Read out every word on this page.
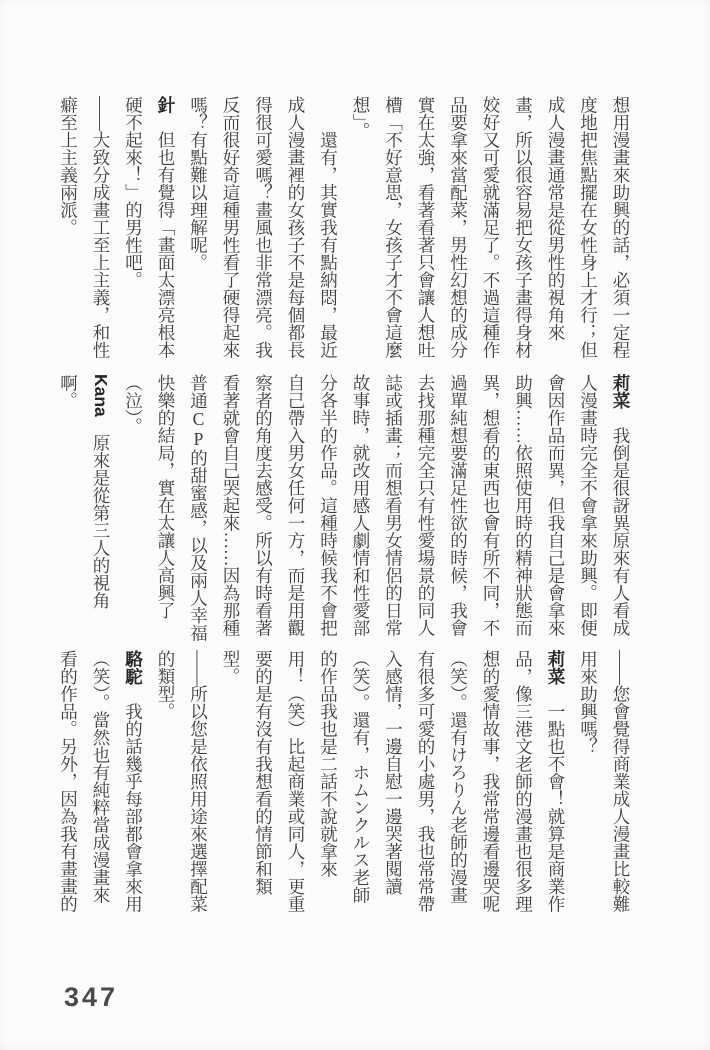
想用漫畫來助興的話，必須一定程
度地把焦點擺在女性身上才行；但
成人漫畫通常是從男性的視角來
畫，所以很容易把女孩子畫得身材
姣好又可愛就滿足了。不過這種作
品要拿來當配菜，男性幻想的成分
實在太強，看著看著只會讓人想吐
槽「不好意思，女孩子才不會這麼
想」。
還有，其實我有點納悶，最近
成人漫畫裡的女孩子不是每個都長
得很可愛嗎？畫風也非常漂亮。我
反而很好奇這種男性看了硬得起來
嗎？有點難以理解呢。
針　但也有覺得「畫面太漂亮根本
硬不起來！」的男性吧。
——大致分成畫工至上主義，和性
癖至上主義兩派。
莉菜　我倒是很訝異原來有人看成
人漫畫時完全不會拿來助興。即便
會因作品而異，但我自己是會拿來
助興……依照使用時的精神狀態而
異，想看的東西也會有所不同，不
過單純想要滿足性欲的時候，我會
去找那種完全只有性愛場景的同人
誌或插畫；而想看男女情侶的日常
故事時，就改用感人劇情和性愛部
分各半的作品。這種時候我不會把
自己帶入男女任何一方，而是用觀
察者的角度去感受。所以有時看著
看著就會自己哭起來……因為那種
普通CP的甜蜜感，以及兩人幸福
快樂的結局，實在太讓人高興了
（泣）。
Kana　原來是從第三人的視角
啊。
——您會覺得商業成人漫畫比較難
用來助興嗎？
莉菜　一點也不會！就算是商業作
品，像三港文老師的漫畫也很多理
想的愛情故事，我常常邊看邊哭呢
（笑）。還有けろりん老師的漫畫
有很多可愛的小處男，我也常常帶
入感情，一邊自慰一邊哭著閱讀
（笑）。還有，ホムンクルス老師
的作品我也是二話不說就拿來
用！（笑）比起商業或同人，更重
要的是有沒有我想看的情節和類
型。
——所以您是依照用途來選擇配菜
的類型。
駱駝　我的話幾乎每部都會拿來用
（笑）。當然也有純粹當成漫畫來
看的作品。另外，因為我有畫畫的
347
